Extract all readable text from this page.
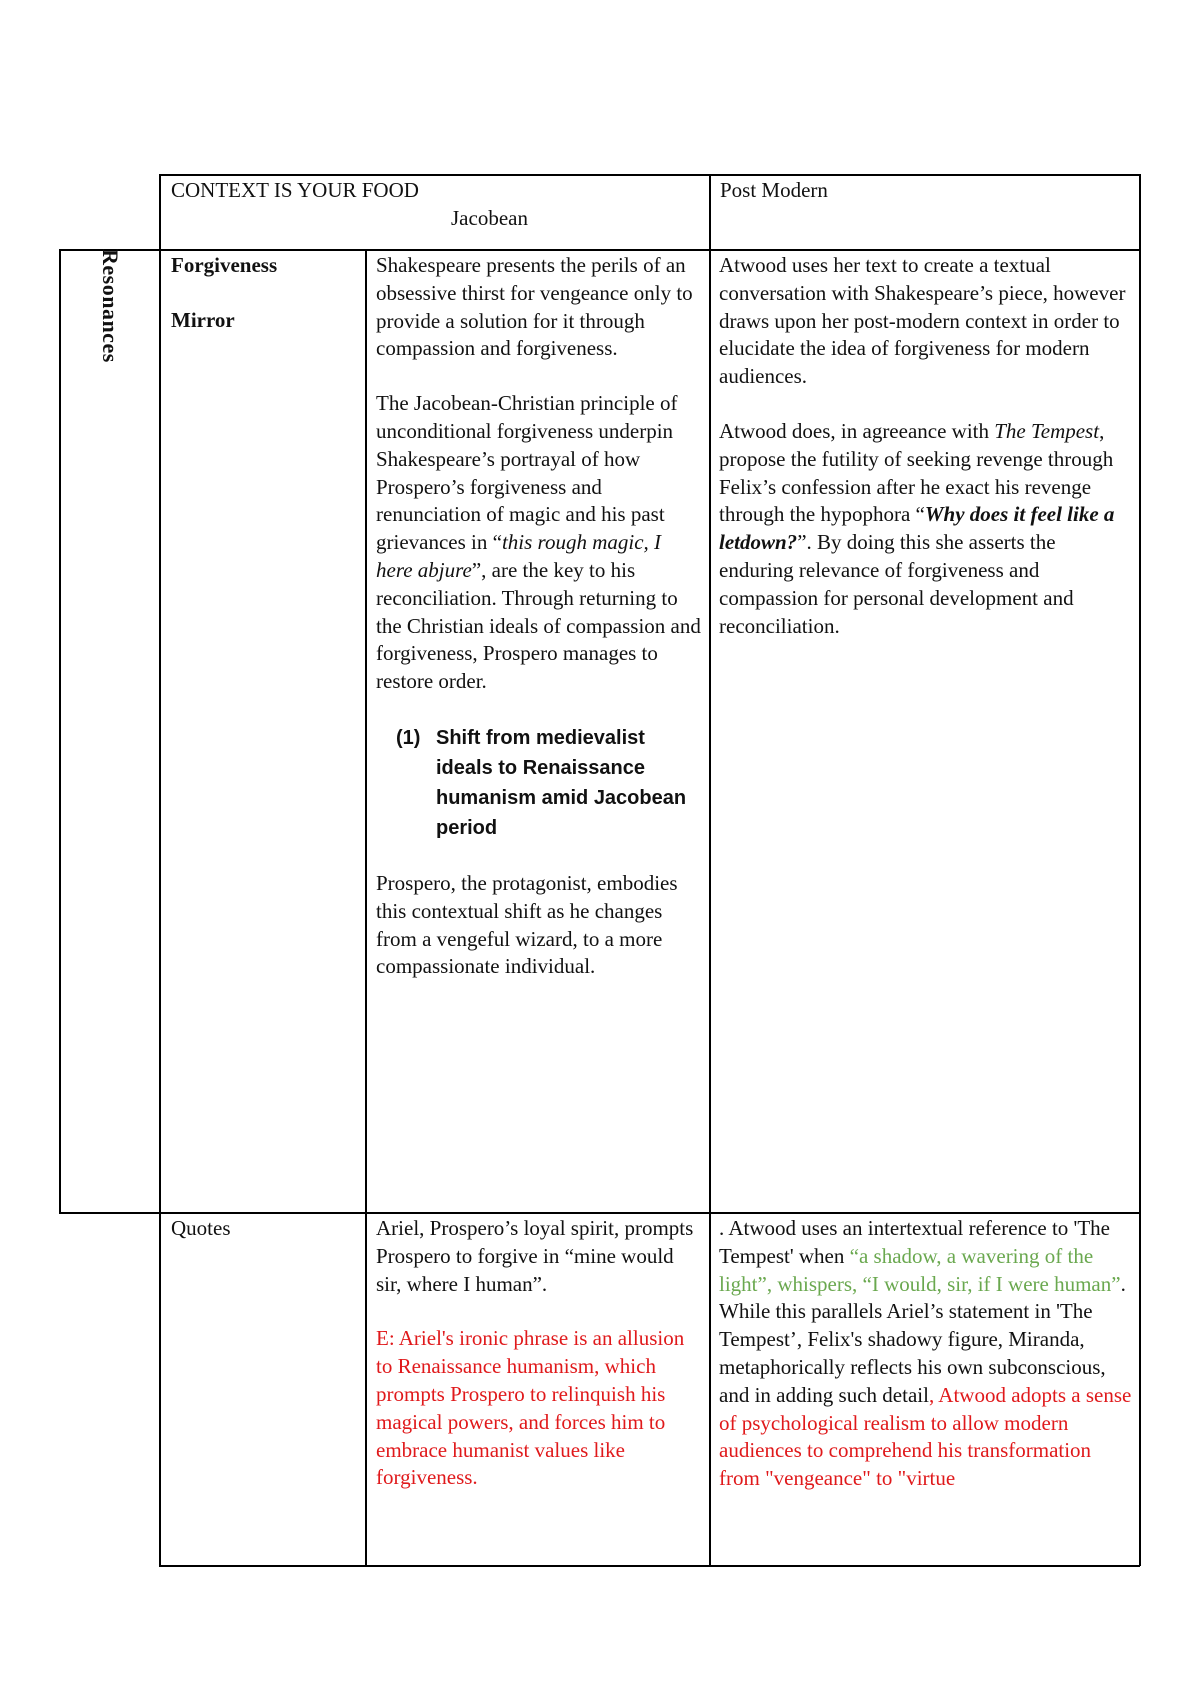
CONTEXT IS YOUR FOOD

Jacobean

Post Modern

Resonances Forgiveness

Mirror

Shakespeare presents the perils of an obsessive thirst for vengeance only to provide a solution for it through compassion and forgiveness.

The Jacobean-Christian principle of unconditional forgiveness underpin Shakespeare’s portrayal of how Prospero’s forgiveness and renunciation of magic and his past grievances in “this rough magic, I here abjure”, are the key to his reconciliation. Through returning to the Christian ideals of compassion and forgiveness, Prospero manages to restore order.

(1) Shift from medievalist ideals to Renaissance humanism amid Jacobean period

Prospero, the protagonist, embodies this contextual shift as he changes from a vengeful wizard, to a more compassionate individual.

Atwood uses her text to create a textual conversation with Shakespeare’s piece, however draws upon her post-modern context in order to elucidate the idea of forgiveness for modern audiences.

Atwood does, in agreeance with The Tempest, propose the futility of seeking revenge through Felix’s confession after he exact his revenge through the hypophora “Why does it feel like a letdown?”. By doing this she asserts the enduring relevance of forgiveness and compassion for personal development and reconciliation.

Quotes	Ariel, Prospero’s loyal spirit, prompts Prospero to forgive in “mine would sir, where I human”.

E: Ariel's ironic phrase is an allusion to Renaissance humanism, which prompts Prospero to relinquish his magical powers, and forces him to embrace humanist values like forgiveness.

. Atwood uses an intertextual reference to 'The Tempest' when “a shadow, a wavering of the light”, whispers, “I would, sir, if I were human”. While this parallels Ariel’s statement in 'The Tempest’, Felix's shadowy figure, Miranda, metaphorically reflects his own subconscious, and in adding such detail, Atwood adopts a sense of psychological realism to allow modern audiences to comprehend his transformation from "vengeance" to "virtue
